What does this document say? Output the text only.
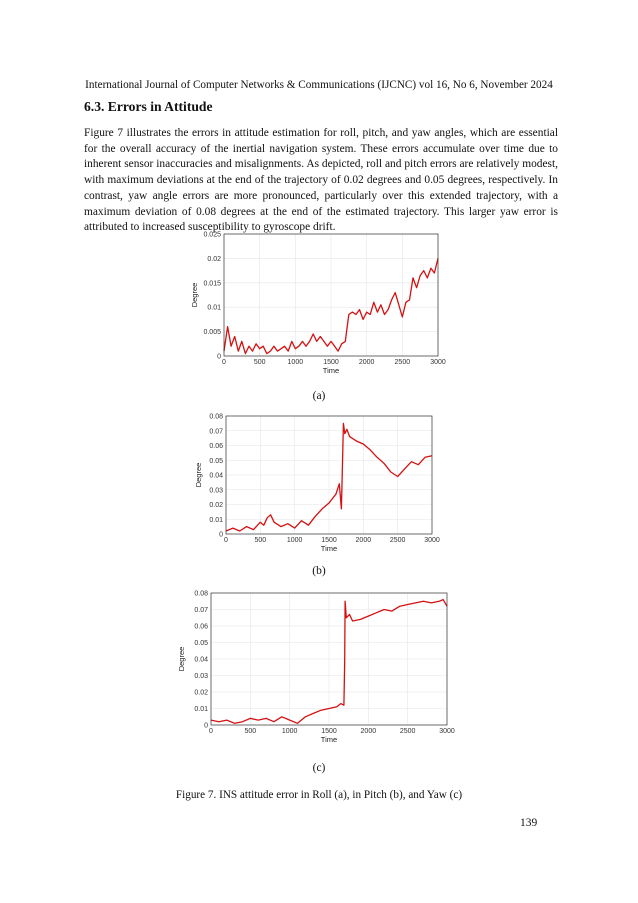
International Journal of Computer Networks & Communications (IJCNC) vol 16, No 6, November 2024
6.3. Errors in Attitude

Figure 7 illustrates the errors in attitude estimation for roll, pitch, and yaw angles, which are essential for the overall accuracy of the inertial navigation system. These errors accumulate over time due to inherent sensor inaccuracies and misalignments. As depicted, roll and pitch errors are relatively modest, with maximum deviations at the end of the trajectory of 0.02 degrees and 0.05 degrees, respectively. In contrast, yaw angle errors are more pronounced, particularly over this extended trajectory, with a maximum deviation of 0.08 degrees at the end of the estimated trajectory. This larger yaw error is attributed to increased susceptibility to gyroscope drift.

0	500	1000	1500	2000	2500	3000
0
0.005
0.01
0.015
0.02
0.025
Time
Degree
(a)
0	500	1000	1500	2000	2500	3000
0
0.01
0.02
0.03
0.04
0.05
0.06
0.07
0.08
Time
Degree
(b)
0	500	1000	1500	2000	2500	3000
0
0.01
0.02
0.03
0.04
0.05
0.06
0.07
0.08
Time
Degree
(c)
Figure 7. INS attitude error in Roll (a), in Pitch (b), and Yaw (c)
139
